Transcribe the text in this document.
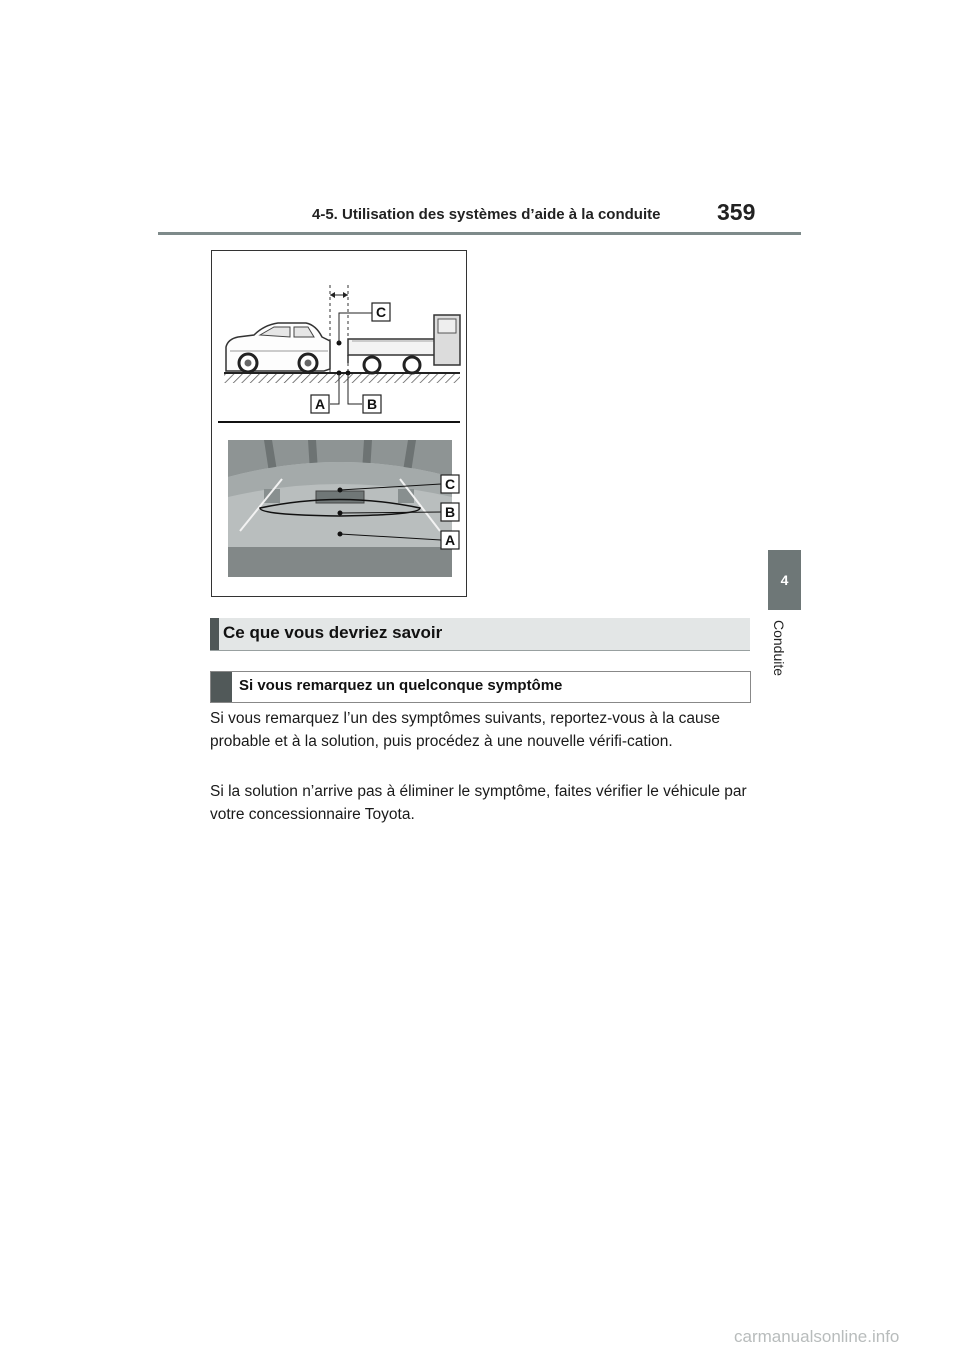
4-5. Utilisation des systèmes d’aide à la conduite 359
4
Conduite
C
A	B
C
B
A
Ce que vous devriez savoir
Si vous remarquez un quelconque symptôme

Si vous remarquez l’un des symptômes suivants, reportez-vous à la cause probable et à la solution, puis procédez à une nouvelle vérifi-cation.

Si la solution n’arrive pas à éliminer le symptôme, faites vérifier le véhicule par votre concessionnaire Toyota.

carmanualsonline.info
